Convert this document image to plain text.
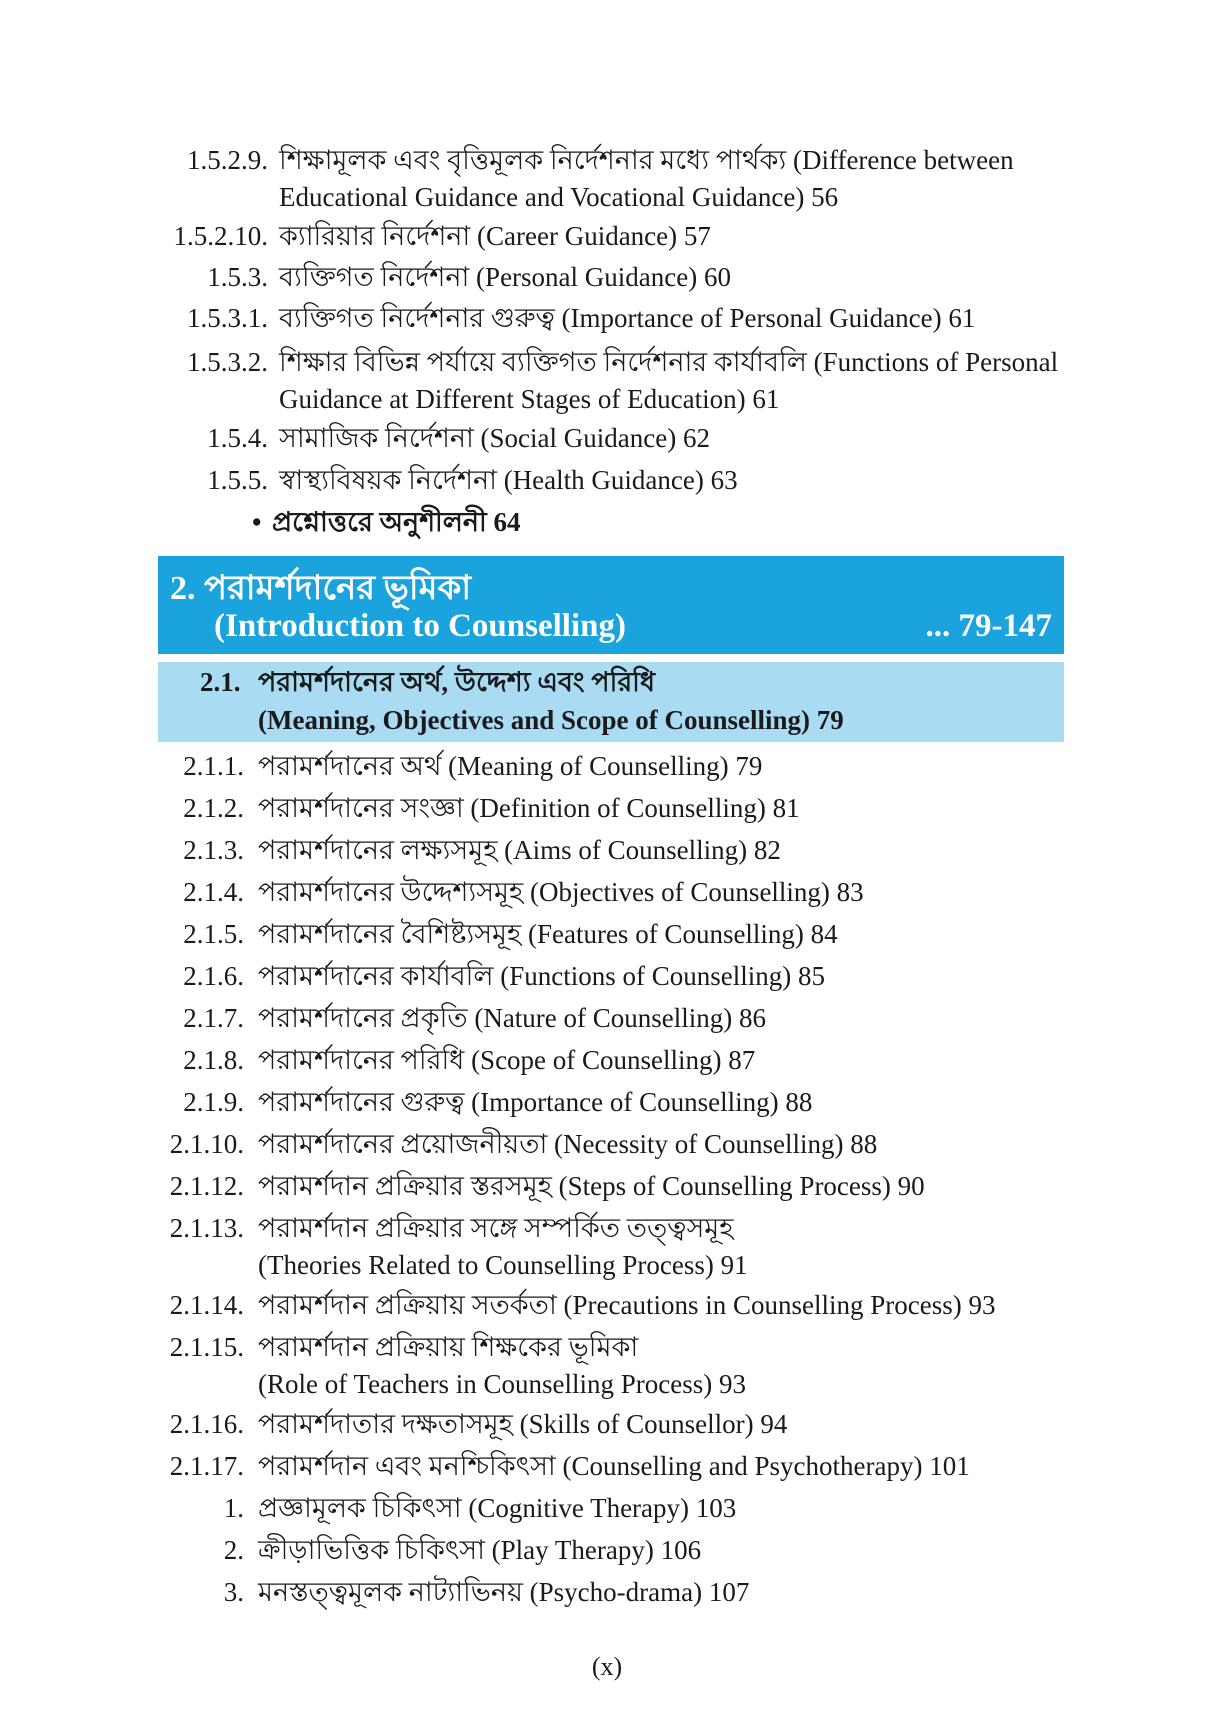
1.5.2.9. শিক্ষামূলক এবং বৃত্তিমূলক নির্দেশনার মধ্যে পার্থক্য (Difference between
Educational Guidance and Vocational Guidance) 56
1.5.2.10. ক্যারিয়ার নির্দেশনা (Career Guidance) 57
1.5.3. ব্যক্তিগত নির্দেশনা (Personal Guidance) 60
1.5.3.1. ব্যক্তিগত নির্দেশনার গুরুত্ব (Importance of Personal Guidance) 61
1.5.3.2. শিক্ষার বিভিন্ন পর্যায়ে ব্যক্তিগত নির্দেশনার কার্যাবলি (Functions of Personal
Guidance at Different Stages of Education) 61
1.5.4. সামাজিক নির্দেশনা (Social Guidance) 62
1.5.5. স্বাস্থ্যবিষয়ক নির্দেশনা (Health Guidance) 63
• প্রশ্নোত্তরে অনুশীলনী 64
2. পরামর্শদানের ভূমিকা
(Introduction to Counselling)	... 79-147
2.1. পরামর্শদানের অর্থ, উদ্দেশ্য এবং পরিধি
(Meaning, Objectives and Scope of Counselling) 79
2.1.1. পরামর্শদানের অর্থ (Meaning of Counselling) 79
2.1.2. পরামর্শদানের সংজ্ঞা (Definition of Counselling) 81
2.1.3. পরামর্শদানের লক্ষ্যসমূহ (Aims of Counselling) 82
2.1.4. পরামর্শদানের উদ্দেশ্যসমূহ (Objectives of Counselling) 83
2.1.5. পরামর্শদানের বৈশিষ্ট্যসমূহ (Features of Counselling) 84
2.1.6. পরামর্শদানের কার্যাবলি (Functions of Counselling) 85
2.1.7. পরামর্শদানের প্রকৃতি (Nature of Counselling) 86
2.1.8. পরামর্শদানের পরিধি (Scope of Counselling) 87
2.1.9. পরামর্শদানের গুরুত্ব (Importance of Counselling) 88
2.1.10. পরামর্শদানের প্রয়োজনীয়তা (Necessity of Counselling) 88
2.1.12. পরামর্শদান প্রক্রিয়ার স্তরসমূহ (Steps of Counselling Process) 90
2.1.13. পরামর্শদান প্রক্রিয়ার সঙ্গে সম্পর্কিত তত্ত্বসমূহ
(Theories Related to Counselling Process) 91
2.1.14. পরামর্শদান প্রক্রিয়ায় সতর্কতা (Precautions in Counselling Process) 93
2.1.15. পরামর্শদান প্রক্রিয়ায় শিক্ষকের ভূমিকা
(Role of Teachers in Counselling Process) 93
2.1.16. পরামর্শদাতার দক্ষতাসমূহ (Skills of Counsellor) 94
2.1.17. পরামর্শদান এবং মনশ্চিকিৎসা (Counselling and Psychotherapy) 101
1. প্রজ্ঞামূলক চিকিৎসা (Cognitive Therapy) 103
2. ক্রীড়াভিত্তিক চিকিৎসা (Play Therapy) 106
3. মনস্তত্ত্বমূলক নাট্যাভিনয় (Psycho-drama) 107
(x)
